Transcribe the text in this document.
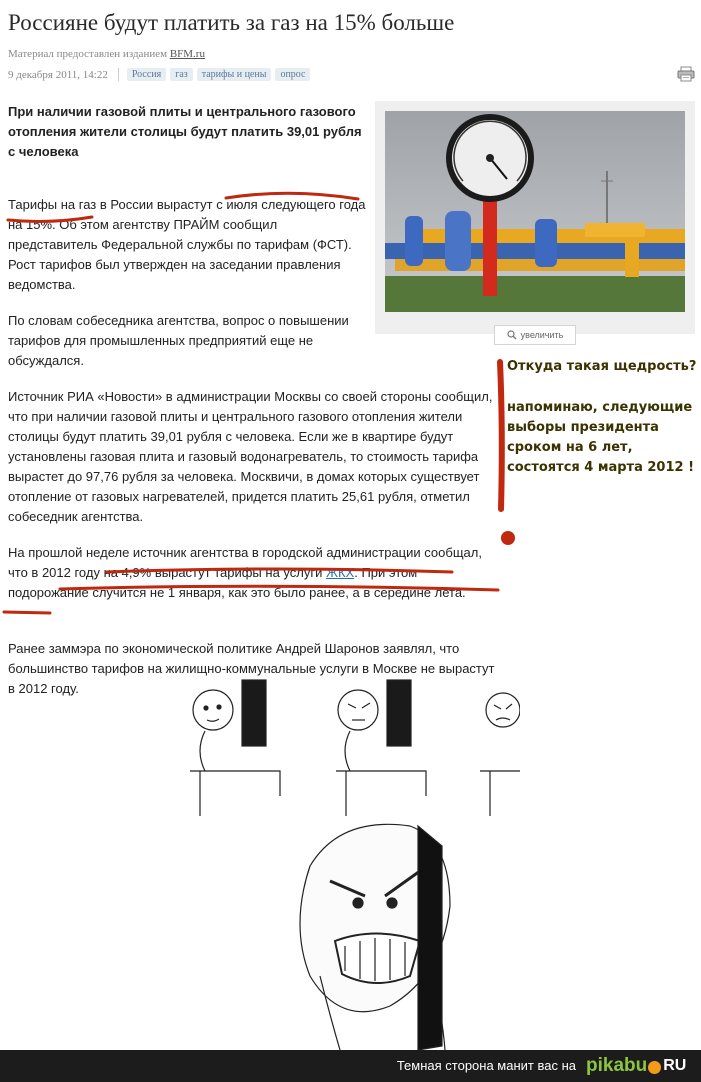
Россияне будут платить за газ на 15% больше
Материал предоставлен изданием BFM.ru
9 декабря 2011, 14:22	Россия	газ	тарифы и цены	опрос
При наличии газовой плиты и центрального газового отопления жители столицы будут платить 39,01 рубля с человека

Тарифы на газ в России вырастут с июля следующего года на 15%. Об этом агентству ПРАЙМ сообщил представитель Федеральной службы по тарифам (ФСТ). Рост тарифов был утвержден на заседании правления ведомства.

По словам собеседника агентства, вопрос о повышении тарифов для промышленных предприятий еще не обсуждался.

Источник РИА «Новости» в администрации Москвы со своей стороны сообщил, что при наличии газовой плиты и центрального газового отопления жители столицы будут платить 39,01 рубля с человека. Если же в квартире будут установлены газовая плита и газовый водонагреватель, то стоимость тарифа вырастет до 97,76 рубля за человека. Москвичи, в домах которых существует отопление от газовых нагревателей, придется платить 25,61 рубля, отметил собеседник агентства.

На прошлой неделе источник агентства в городской администрации сообщал, что в 2012 году на 4,9% вырастут тарифы на услуги ЖКХ. При этом подорожание случится не 1 января, как это было ранее, а в середине лета.

Ранее заммэра по экономической политике Андрей Шаронов заявлял, что большинство тарифов на жилищно-коммунальные услуги в Москве не вырастут в 2012 году.

увеличить
Откуда такая щедрость?
напоминаю, следующие выборы президента сроком на 6 лет, состоятся 4 марта 2012 !
Темная сторона манит вас на pikabu RU
